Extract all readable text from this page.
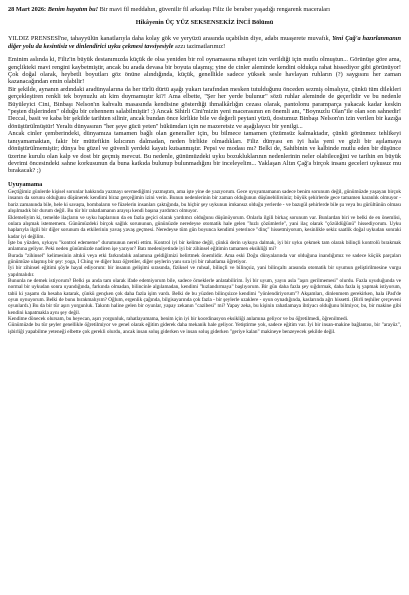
28 Mart 2026: Benim hayatım bu! Bir mavi fil meddahın, güvenilir fil arkadaşı Filiz ile beraber yaşadığı rengarenk maceraları

Hikâyenin ÜÇ YÜZ SEKSENSEKİZ İNCİ Bölümü

YILDIZ PRENSESİ'ne, tahayyülün kanatlarıyla daha kolay gök ve yeryüzü arasında uçabilsin diye, adabı muaşerete muvafık, Yeni Çağ'a hazırlanmanın diğer yolu da kesintisiz ve dinlendirici uyku çekmesi tavsiyesiyle azzı tazimatlarımız!

Eminim aslında ki, Filiz'in büyük destanımızda küçük de olsa yeniden bir rol oynamasına nihayet izin verildiği için mutlu olmuştun... Görünüşe göre ama, gençlikteki mavi rengini kaybetmiştir, ancak bu arada devasa bir boyuta ulaşmış; yine de cinler aleminde kendini oldukça rahat hissediyor gibi görünüyor! Çok doğal olarak, heybetli boyutları göz önüne alındığında, küçük, genellikle sadece yüksek sesle havlayan ruhların (?) saygısını her zaman kazanacağından emin olabilir!

Bir şekilde, aynanın ardındaki aradünyalarına da her türlü dürtü aşağı yukarı tarafından mesken tutulduğunu önceden sezmiş olmalıyız, çünkü tüm dilekleri gerçekleştiren renkli tek boynuzlu atı kim duymamıştır ki?! Ama elbette, "Şer her yerde bulunur" sözü ruhlar aleminde de geçerlidir ve bu nedenle Büyüleyici Cini, Binbaşı Nelson'ın kahvaltı masasında kendisine gösterdiği ihmalkârlığın cezası olarak, pantolonu paramparça yakacak kadar keskin "peşten dişlerinden" olduğu bir cehennem salabilmiştir! :) Ancak Sihirli Cini'mizin yeni macerasının en önemli anı, "Boynuzlu Olan"ile olan son sahnedir! Deccal, basit ve kaba bir şekilde tarihten silinir, ancak bundan önce kirlikte bile ve değerli peytani yüzü, dostumuz Binbaşı Nelson'ın izin verilen bir kazığa dönüştürülmüştür! Yeraltı dünyasının "her şeye gücü yeten" hükümdarı için ne mazeretsiz ve aşağılayıcı bir yenilgi...

Ancak cinler çemberindeki, dünyamıza tamamen bağlı olan generaller için, bu bilmece tamamen çözümsüz kalmaktadır, çünkü görünmez tehlikeyi tanıyamamaktan, fakir bir müttefikin kılıcının dalmadan, neden birlikte olmadıkları. Filiz dünyası en iyi hala yeni ve gizli bir aşılamaya dönüştürülmemiştir; dünya bu güzel ve güvenli yerdeki kayatı kutsanmıştır. Pepsi ve modası mı? Belki de, Sahibinin ve kalbinde mutlu eden bir düşünce üzerine kurulu olan kalp ve dost bir geçmiş mevcut. Bu nedenle, günümüzdeki uyku bozukluklarının nedenlerinin neler olabileceğini ve tarihin en büyük devrimi öncesindeki sahne korkusunun da buna katkıda bulunup bulunmadığını bir inceleyelim... Yaklaşan Altın Çağ'a birçok insanı geceleri uykusuz mu bırakacak? ;)

Uyuyamama

Geçtiğimiz günlerde kişisel sorunlar hakkında yazmayı sevmediğimi yazmıştım, ama işte yine de yazıyorum. Gece uyuyamamanın sadece benim sorunum değil, günümüzde yaşayan birçok insanın da sorunu olduğunu düşünerek kendimi biraz gerçeğimin izini verin. Bunun nedenlerinin bir zaman olduğunun düşünebilirsiniz; büyük şehirlerde gece tamamen karanlık olmuyor - bariz zamanında bile, hele ki savaşta, bombaların ve füzelerin insanları çaktığında, bu hiçbir şey uykunun imkansız olduğu yerlerde - ve bazıgül şehirlerde bile şu veya bu gürültünün olması alışılmadık bir durum değil. Bu tür bir rahatlamanın arayışı kendi başına yardımcı olmuyor.

Eklemeliyim ki, temelde ilaçların ve uyku haplarının da en fazla geçici olarak yardımcı olduğunu düşünüyorum. Onlarla ilgili birkaç sorunum var. Bunlardan biri ve belki de en önemlisi, onlara alışmak istememem. Günümüzdeki birçok sağlık sorununun, gününüzde neredeyse otomatik hale gelen "hızlı çözümlerle", yani ilaç olarak "çözüldüğünü" hissediyorum. Uyku haplarıyla ilgili bir diğer sorunum da etkilerinin yavaş yavaş geçmesi. Neredeyse tüm gün boyunca kendimi yeterince "dinç" hissetmiyorum, kesinlikle sekiz saatlik doğal uykudan sonraki kadar iyi değilim.

İşte bu yüzden, uykuyu "kontrol edememe" durumunun nereli ettim. Kontrol iyi bir kelime değil, çünkü derin uykuya dalmak, iyi bir uyku çekmek tam olarak bilinçli kontrolü bırakmak anlamına geliyor. Peki neden günümüzde nadiren işe yarıyor? Batı medeniyetinde iyi bir zihinsel eğitimin tamamen eksikliği mi?

Burada "zihinsel" kelimesinin altıkü veya etki farkındalık anlamına geldiğimizi belirtmek önemlidir. Ama eski Doğu dünyalarında var olduğuna inandığımız ve sadece küçük parçaları günümüze ulaşmış bir şey: yoga, I Ching ve diğer bazı öğretiler, diğer şeylerin yanı sıra iyi bir rahatlama öğretiyor.

İyi bir zihinsel eğitimi şöyle hayal ediyorum: bir insanın gelişimi sırasında, fiziksel ve ruhsal, bilinçli ve bilinçsiz, yani bilinçaltı arasında otomatik bir uyumun geliştirilmesine vurgu yapılmalıdır.

Bununla ne demek istiyorum? Belki şu anda tam olarak ifade edemiyorum bile, sadece örneklerle anlatabilirim. İyi bir uyum, yayın asla "aşırı gerilmemesi" olurdu. Fazla uyuduğunda ve normal bir uykudan sonra uyandığında, farkında olmadan, bilincinle algılamadan, kendimi "hızlandırmaya" başlıyorum. Bir gün daha fazla şey sığdırmak, daha fazla iş yapmak istiyorum, tabii ki yaşamı da hesaba katarak, çünkü gençken çok daha fazla işim vardı. Belki de bu yüzden bilinçsizce kendimi "yönlendiriyorum"? Akşamları, dinlenmem gerekirken, hala iPad'de oyun oynuyorum. Belki de bunu bırakmalıyım? Oğlum, ergenlik çağında, bilgisayarında çok fazla - bir şeylerle uzaklere - oyun oynadığında, kaslarında ağrı hissetti. (Birli teşhiler çerçeveni oyunlardı.) Bu da bir tür aşırı yorgunluk. Takıntı haline gelen bir oyunlar, yapay zekanın "cazibesi" mi? Yapay zeka, bu kişinin rahatlamaya ihtiyacı olduğunu bilmiyor, bu, bir makine gibi kendini kapatmakla aynı şey değil.

Kendime dönecek olursam, bu heyecan, aşırı yorgunluk, rahatlayamama, benim için iyi bir koordinasyon eksikliği anlamına geliyor ve bu öğretilmedi, öğrenilmedi.

Günümüzde bu tür şeyler genellikle öğretilmiyor ve genel olarak eğitim giderek daha mekanik hale geliyor. Yetiştirme yok, sadece eğitim var. İyi bir insan-makine bağlantısı, bir "arayüz", işbirliği yapabilme yeteneği elbette çok gerekli olurdu, ancak insan soluş giderken ve insan soluş giderken "geriye kalan" makineye benzeyecek şekilde değil.
